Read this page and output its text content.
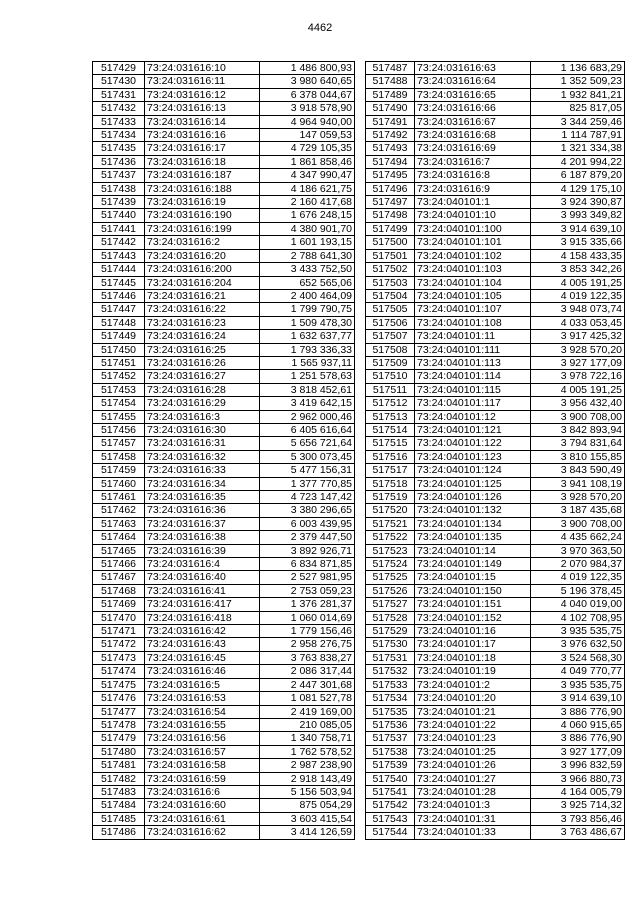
4462
517429	73:24:031616:10	1 486 800,93
517430	73:24:031616:11	3 980 640,65
517431	73:24:031616:12	6 378 044,67
517432	73:24:031616:13	3 918 578,90
517433	73:24:031616:14	4 964 940,00
517434	73:24:031616:16	147 059,53
517435	73:24:031616:17	4 729 105,35
517436	73:24:031616:18	1 861 858,46
517437	73:24:031616:187	4 347 990,47
517438	73:24:031616:188	4 186 621,75
517439	73:24:031616:19	2 160 417,68
517440	73:24:031616:190	1 676 248,15
517441	73:24:031616:199	4 380 901,70
517442	73:24:031616:2	1 601 193,15
517443	73:24:031616:20	2 788 641,30
517444	73:24:031616:200	3 433 752,50
517445	73:24:031616:204	652 565,06
517446	73:24:031616:21	2 400 464,09
517447	73:24:031616:22	1 799 790,75
517448	73:24:031616:23	1 509 478,30
517449	73:24:031616:24	1 632 637,77
517450	73:24:031616:25	1 793 336,33
517451	73:24:031616:26	1 565 937,11
517452	73:24:031616:27	1 251 578,63
517453	73:24:031616:28	3 818 452,61
517454	73:24:031616:29	3 419 642,15
517455	73:24:031616:3	2 962 000,46
517456	73:24:031616:30	6 405 616,64
517457	73:24:031616:31	5 656 721,64
517458	73:24:031616:32	5 300 073,45
517459	73:24:031616:33	5 477 156,31
517460	73:24:031616:34	1 377 770,85
517461	73:24:031616:35	4 723 147,42
517462	73:24:031616:36	3 380 296,65
517463	73:24:031616:37	6 003 439,95
517464	73:24:031616:38	2 379 447,50
517465	73:24:031616:39	3 892 926,71
517466	73:24:031616:4	6 834 871,85
517467	73:24:031616:40	2 527 981,95
517468	73:24:031616:41	2 753 059,23
517469	73:24:031616:417	1 376 281,37
517470	73:24:031616:418	1 060 014,69
517471	73:24:031616:42	1 779 156,46
517472	73:24:031616:43	2 958 276,75
517473	73:24:031616:45	3 763 838,27
517474	73:24:031616:46	2 086 317,44
517475	73:24:031616:5	2 447 301,68
517476	73:24:031616:53	1 081 527,78
517477	73:24:031616:54	2 419 169,00
517478	73:24:031616:55	210 085,05
517479	73:24:031616:56	1 340 758,71
517480	73:24:031616:57	1 762 578,52
517481	73:24:031616:58	2 987 238,90
517482	73:24:031616:59	2 918 143,49
517483	73:24:031616:6	5 156 503,94
517484	73:24:031616:60	875 054,29
517485	73:24:031616:61	3 603 415,54
517486	73:24:031616:62	3 414 126,59
517487	73:24:031616:63	1 136 683,29
517488	73:24:031616:64	1 352 509,23
517489	73:24:031616:65	1 932 841,21
517490	73:24:031616:66	825 817,05
517491	73:24:031616:67	3 344 259,46
517492	73:24:031616:68	1 114 787,91
517493	73:24:031616:69	1 321 334,38
517494	73:24:031616:7	4 201 994,22
517495	73:24:031616:8	6 187 879,20
517496	73:24:031616:9	4 129 175,10
517497	73:24:040101:1	3 924 390,87
517498	73:24:040101:10	3 993 349,82
517499	73:24:040101:100	3 914 639,10
517500	73:24:040101:101	3 915 335,66
517501	73:24:040101:102	4 158 433,35
517502	73:24:040101:103	3 853 342,26
517503	73:24:040101:104	4 005 191,25
517504	73:24:040101:105	4 019 122,35
517505	73:24:040101:107	3 948 073,74
517506	73:24:040101:108	4 033 053,45
517507	73:24:040101:11	3 917 425,32
517508	73:24:040101:111	3 928 570,20
517509	73:24:040101:113	3 927 177,09
517510	73:24:040101:114	3 978 722,16
517511	73:24:040101:115	4 005 191,25
517512	73:24:040101:117	3 956 432,40
517513	73:24:040101:12	3 900 708,00
517514	73:24:040101:121	3 842 893,94
517515	73:24:040101:122	3 794 831,64
517516	73:24:040101:123	3 810 155,85
517517	73:24:040101:124	3 843 590,49
517518	73:24:040101:125	3 941 108,19
517519	73:24:040101:126	3 928 570,20
517520	73:24:040101:132	3 187 435,68
517521	73:24:040101:134	3 900 708,00
517522	73:24:040101:135	4 435 662,24
517523	73:24:040101:14	3 970 363,50
517524	73:24:040101:149	2 070 984,37
517525	73:24:040101:15	4 019 122,35
517526	73:24:040101:150	5 196 378,45
517527	73:24:040101:151	4 040 019,00
517528	73:24:040101:152	4 102 708,95
517529	73:24:040101:16	3 935 535,75
517530	73:24:040101:17	3 976 632,50
517531	73:24:040101:18	3 524 568,30
517532	73:24:040101:19	4 049 770,77
517533	73:24:040101:2	3 935 535,75
517534	73:24:040101:20	3 914 639,10
517535	73:24:040101:21	3 886 776,90
517536	73:24:040101:22	4 060 915,65
517537	73:24:040101:23	3 886 776,90
517538	73:24:040101:25	3 927 177,09
517539	73:24:040101:26	3 996 832,59
517540	73:24:040101:27	3 966 880,73
517541	73:24:040101:28	4 164 005,79
517542	73:24:040101:3	3 925 714,32
517543	73:24:040101:31	3 793 856,46
517544	73:24:040101:33	3 763 486,67
